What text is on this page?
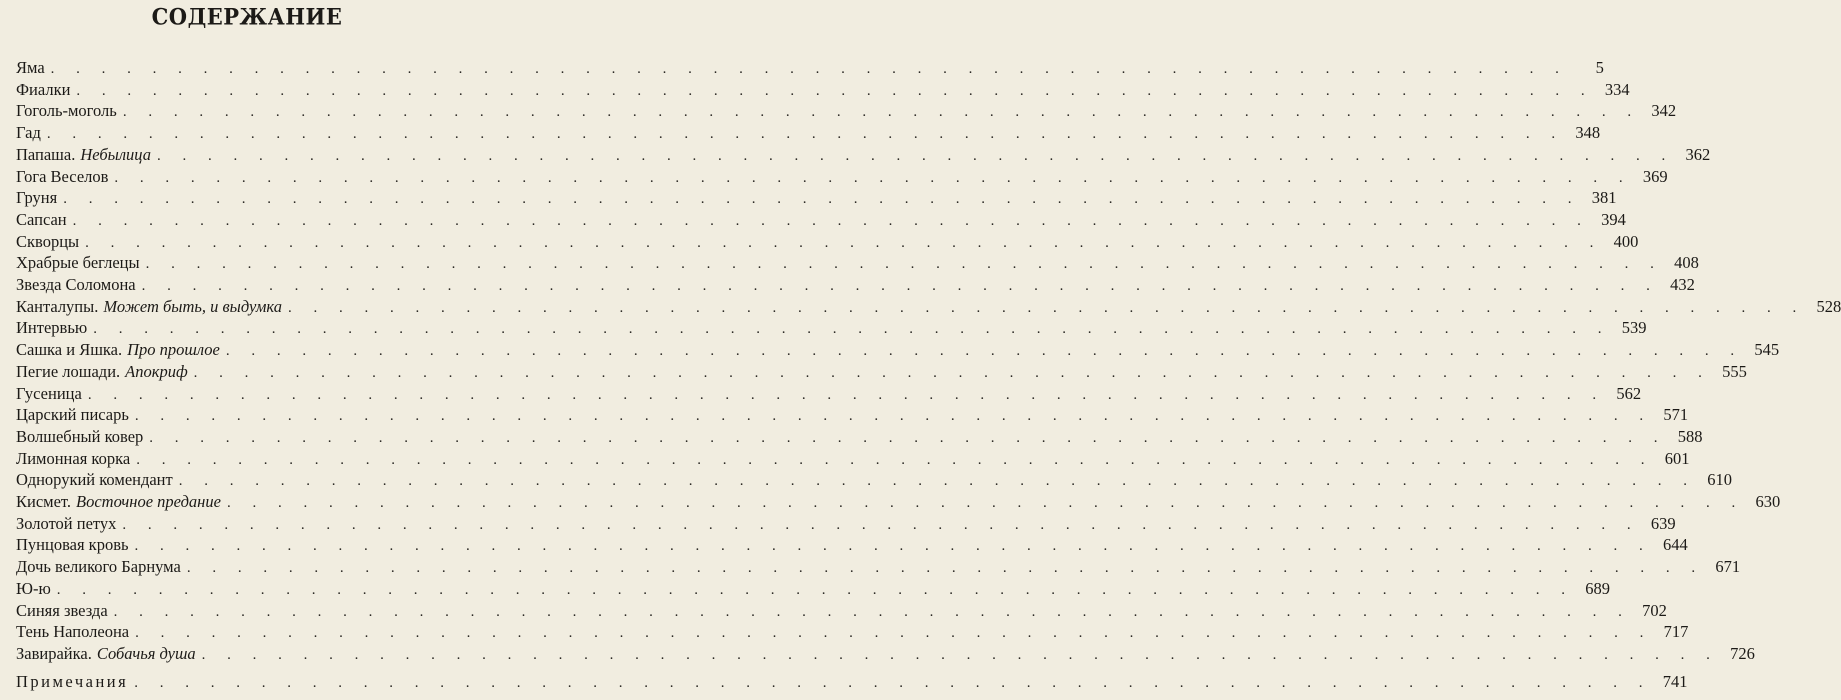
СОДЕРЖАНИЕ
Яма . . . . . . . . . . . . . . . . . . . . . . . . . . . . . . . . . . . . . . . . . . . . . . . . . . . . . . . . . . . .	5
Фиалки . . . . . . . . . . . . . . . . . . . . . . . . . . . . . . . . . . . . . . . . . . . . . . . . . . . . . . . . . . . . 334
Гоголь-моголь . . . . . . . . . . . . . . . . . . . . . . . . . . . . . . . . . . . . . . . . . . . . . . . . . . . . . . . . . . . . 342
Гад . . . . . . . . . . . . . . . . . . . . . . . . . . . . . . . . . . . . . . . . . . . . . . . . . . . . . . . . . . . . 348
Папаша. Небылица . . . . . . . . . . . . . . . . . . . . . . . . . . . . . . . . . . . . . . . . . . . . . . . . . . . . . . . . . . . . 362
Гога Веселов . . . . . . . . . . . . . . . . . . . . . . . . . . . . . . . . . . . . . . . . . . . . . . . . . . . . . . . . . . . . 369
Груня . . . . . . . . . . . . . . . . . . . . . . . . . . . . . . . . . . . . . . . . . . . . . . . . . . . . . . . . . . . . 381
Сапсан . . . . . . . . . . . . . . . . . . . . . . . . . . . . . . . . . . . . . . . . . . . . . . . . . . . . . . . . . . . . 394
Скворцы . . . . . . . . . . . . . . . . . . . . . . . . . . . . . . . . . . . . . . . . . . . . . . . . . . . . . . . . . . . . 400
Храбрые беглецы . . . . . . . . . . . . . . . . . . . . . . . . . . . . . . . . . . . . . . . . . . . . . . . . . . . . . . . . . . . . 408
Звезда Соломона . . . . . . . . . . . . . . . . . . . . . . . . . . . . . . . . . . . . . . . . . . . . . . . . . . . . . . . . . . . . 432
Канталупы. Может быть, и выдумка . . . . . . . . . . . . . . . . . . . . . . . . . . . . . . . . . . . . . . . . . . . . . . . . . . . . . . . . . . . . 528
Интервью . . . . . . . . . . . . . . . . . . . . . . . . . . . . . . . . . . . . . . . . . . . . . . . . . . . . . . . . . . . . 539
Сашка и Яшка. Про прошлое . . . . . . . . . . . . . . . . . . . . . . . . . . . . . . . . . . . . . . . . . . . . . . . . . . . . . . . . . . . . 545
Пегие лошади. Апокриф . . . . . . . . . . . . . . . . . . . . . . . . . . . . . . . . . . . . . . . . . . . . . . . . . . . . . . . . . . . . 555
Гусеница . . . . . . . . . . . . . . . . . . . . . . . . . . . . . . . . . . . . . . . . . . . . . . . . . . . . . . . . . . . . 562
Царский писарь . . . . . . . . . . . . . . . . . . . . . . . . . . . . . . . . . . . . . . . . . . . . . . . . . . . . . . . . . . . . 571
Волшебный ковер . . . . . . . . . . . . . . . . . . . . . . . . . . . . . . . . . . . . . . . . . . . . . . . . . . . . . . . . . . . . 588
Лимонная корка . . . . . . . . . . . . . . . . . . . . . . . . . . . . . . . . . . . . . . . . . . . . . . . . . . . . . . . . . . . . 601
Однорукий комендант . . . . . . . . . . . . . . . . . . . . . . . . . . . . . . . . . . . . . . . . . . . . . . . . . . . . . . . . . . . . 610
Кисмет. Восточное предание . . . . . . . . . . . . . . . . . . . . . . . . . . . . . . . . . . . . . . . . . . . . . . . . . . . . . . . . . . . . 630
Золотой петух . . . . . . . . . . . . . . . . . . . . . . . . . . . . . . . . . . . . . . . . . . . . . . . . . . . . . . . . . . . . 639
Пунцовая кровь . . . . . . . . . . . . . . . . . . . . . . . . . . . . . . . . . . . . . . . . . . . . . . . . . . . . . . . . . . . . 644
Дочь великого Барнума . . . . . . . . . . . . . . . . . . . . . . . . . . . . . . . . . . . . . . . . . . . . . . . . . . . . . . . . . . . . 671
Ю-ю . . . . . . . . . . . . . . . . . . . . . . . . . . . . . . . . . . . . . . . . . . . . . . . . . . . . . . . . . . . . 689
Синяя звезда . . . . . . . . . . . . . . . . . . . . . . . . . . . . . . . . . . . . . . . . . . . . . . . . . . . . . . . . . . . . 702
Тень Наполеона . . . . . . . . . . . . . . . . . . . . . . . . . . . . . . . . . . . . . . . . . . . . . . . . . . . . . . . . . . . . 717
Завирайка. Собачья душа . . . . . . . . . . . . . . . . . . . . . . . . . . . . . . . . . . . . . . . . . . . . . . . . . . . . . . . . . . . . 726
Примечания . . . . . . . . . . . . . . . . . . . . . . . . . . . . . . . . . . . . . . . . . . . . . . . . . . . . . . . . . . . . 741
